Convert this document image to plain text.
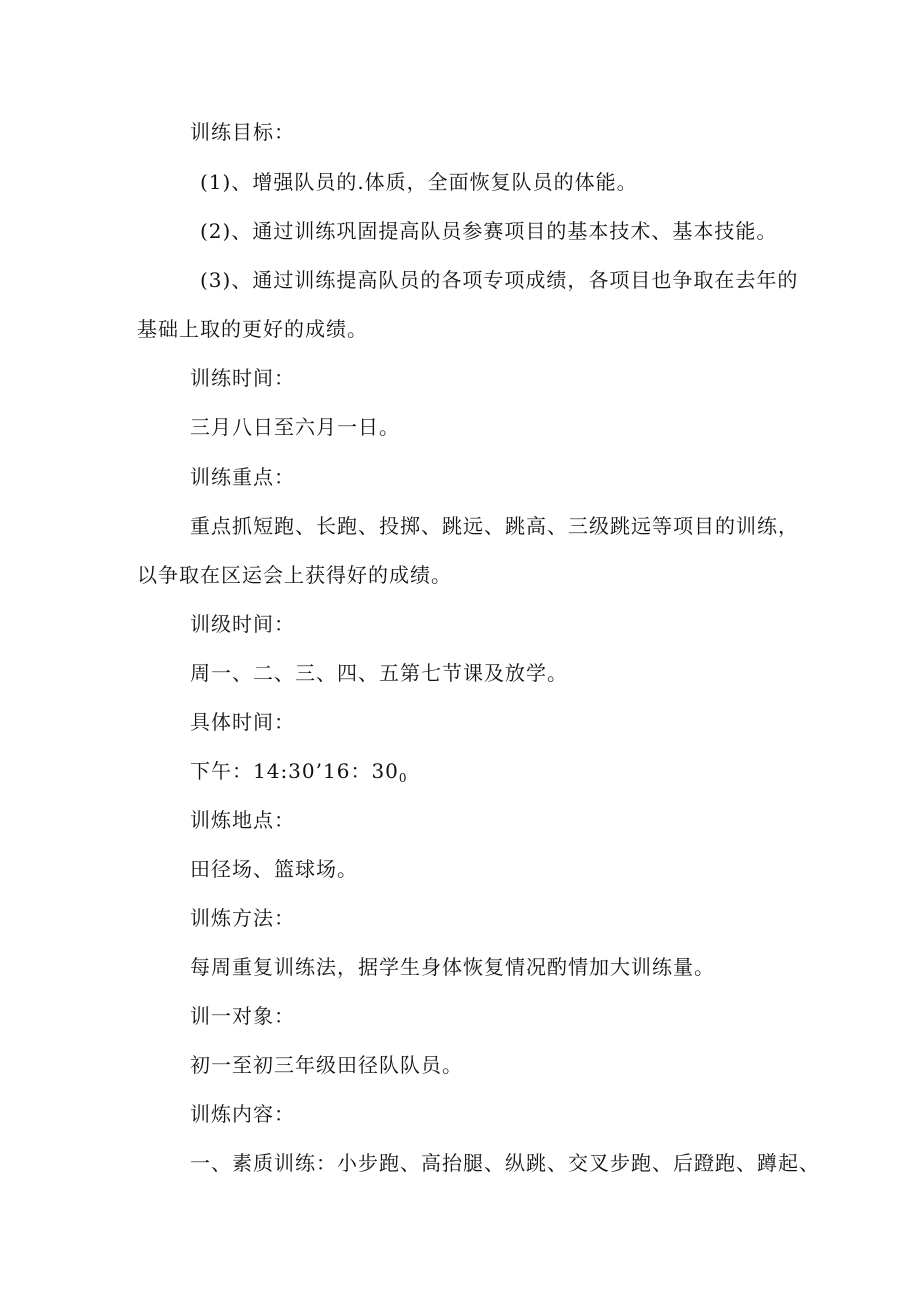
训练目标：
(1)、增强队员的.体质，全面恢复队员的体能。
(2)、通过训练巩固提高队员参赛项目的基本技术、基本技能。
(3)、通过训练提高队员的各项专项成绩，各项目也争取在去年的
基础上取的更好的成绩。
训练时间：
三月八日至六月一日。
训练重点：
重点抓短跑、长跑、投掷、跳远、跳高、三级跳远等项目的训练，
以争取在区运会上获得好的成绩。
训级时间：
周一、二、三、四、五第七节课及放学。
具体时间：
下午：14:30’16：$30_0$
训炼地点：
田径场、篮球场。
训炼方法：
每周重复训练法，据学生身体恢复情况酌情加大训练量。
训一对象：
初一至初三年级田径队队员。
训炼内容：
一、素质训练：小步跑、高抬腿、纵跳、交叉步跑、后蹬跑、蹲起、
